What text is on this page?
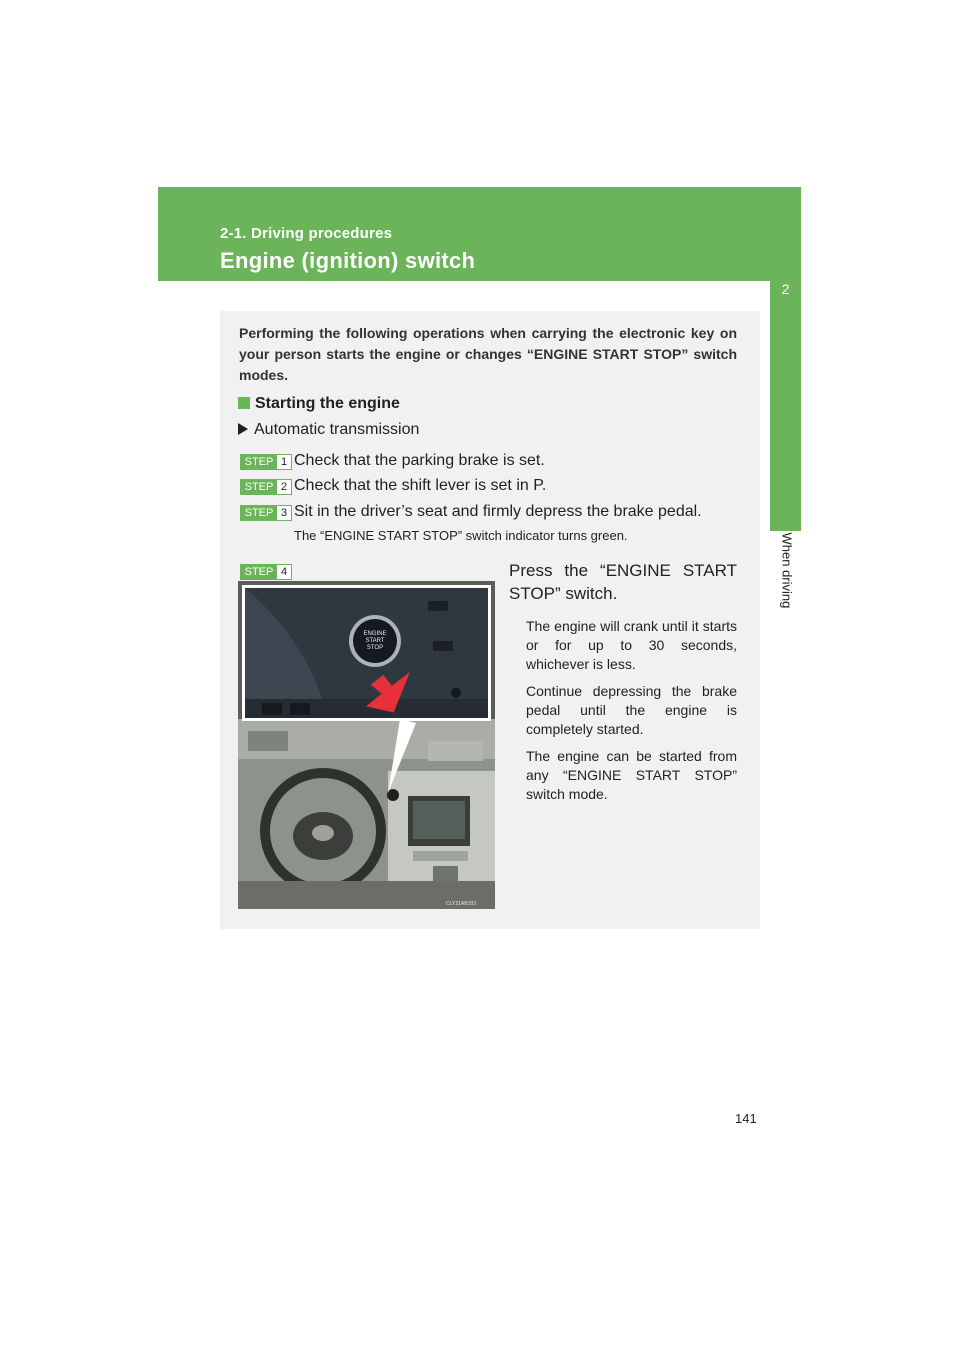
2-1. Driving procedures
Engine (ignition) switch
2
When driving
Performing the following operations when carrying the electronic key on your person starts the engine or changes “ENGINE START STOP” switch modes.
Starting the engine
Automatic transmission
STEP 1 Check that the parking brake is set.
STEP 2 Check that the shift lever is set in P.
STEP 3 Sit in the driver’s seat and firmly depress the brake pedal.
The “ENGINE START STOP” switch indicator turns green.
STEP 4
ENGINE
START
STOP
CLY21AB193
Press the “ENGINE START STOP” switch.

The engine will crank until it starts or for up to 30 seconds, whichever is less.

Continue depressing the brake pedal until the engine is completely started.

The engine can be started from any “ENGINE START STOP” switch mode.

141
